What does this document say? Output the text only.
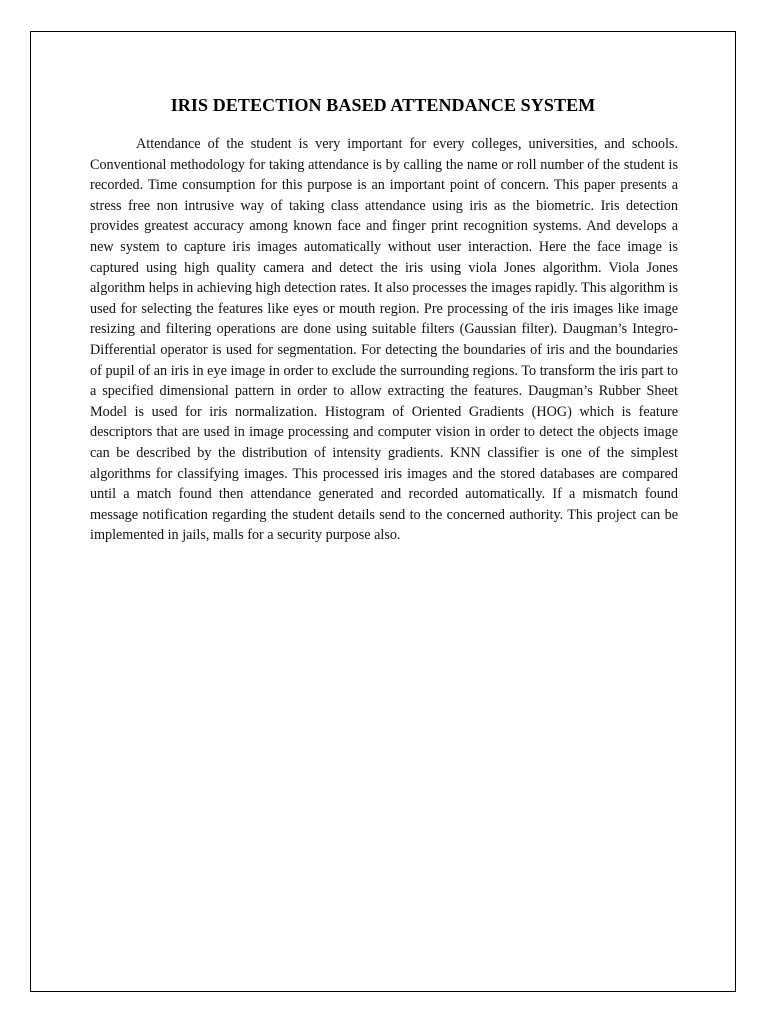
IRIS DETECTION BASED ATTENDANCE SYSTEM

Attendance of the student is very important for every colleges, universities, and schools. Conventional methodology for taking attendance is by calling the name or roll number of the student is recorded. Time consumption for this purpose is an important point of concern. This paper presents a stress free non intrusive way of taking class attendance using iris as the biometric. Iris detection provides greatest accuracy among known face and finger print recognition systems. And develops a new system to capture iris images automatically without user interaction. Here the face image is captured using high quality camera and detect the iris using viola Jones algorithm. Viola Jones algorithm helps in achieving high detection rates. It also processes the images rapidly. This algorithm is used for selecting the features like eyes or mouth region. Pre processing of the iris images like image resizing and filtering operations are done using suitable filters (Gaussian filter). Daugman’s Integro-Differential operator is used for segmentation. For detecting the boundaries of iris and the boundaries of pupil of an iris in eye image in order to exclude the surrounding regions. To transform the iris part to a specified dimensional pattern in order to allow extracting the features. Daugman’s Rubber Sheet Model is used for iris normalization. Histogram of Oriented Gradients (HOG) which is feature descriptors that are used in image processing and computer vision in order to detect the objects image can be described by the distribution of intensity gradients. KNN classifier is one of the simplest algorithms for classifying images. This processed iris images and the stored databases are compared until a match found then attendance generated and recorded automatically. If a mismatch found message notification regarding the student details send to the concerned authority. This project can be implemented in jails, malls for a security purpose also.
